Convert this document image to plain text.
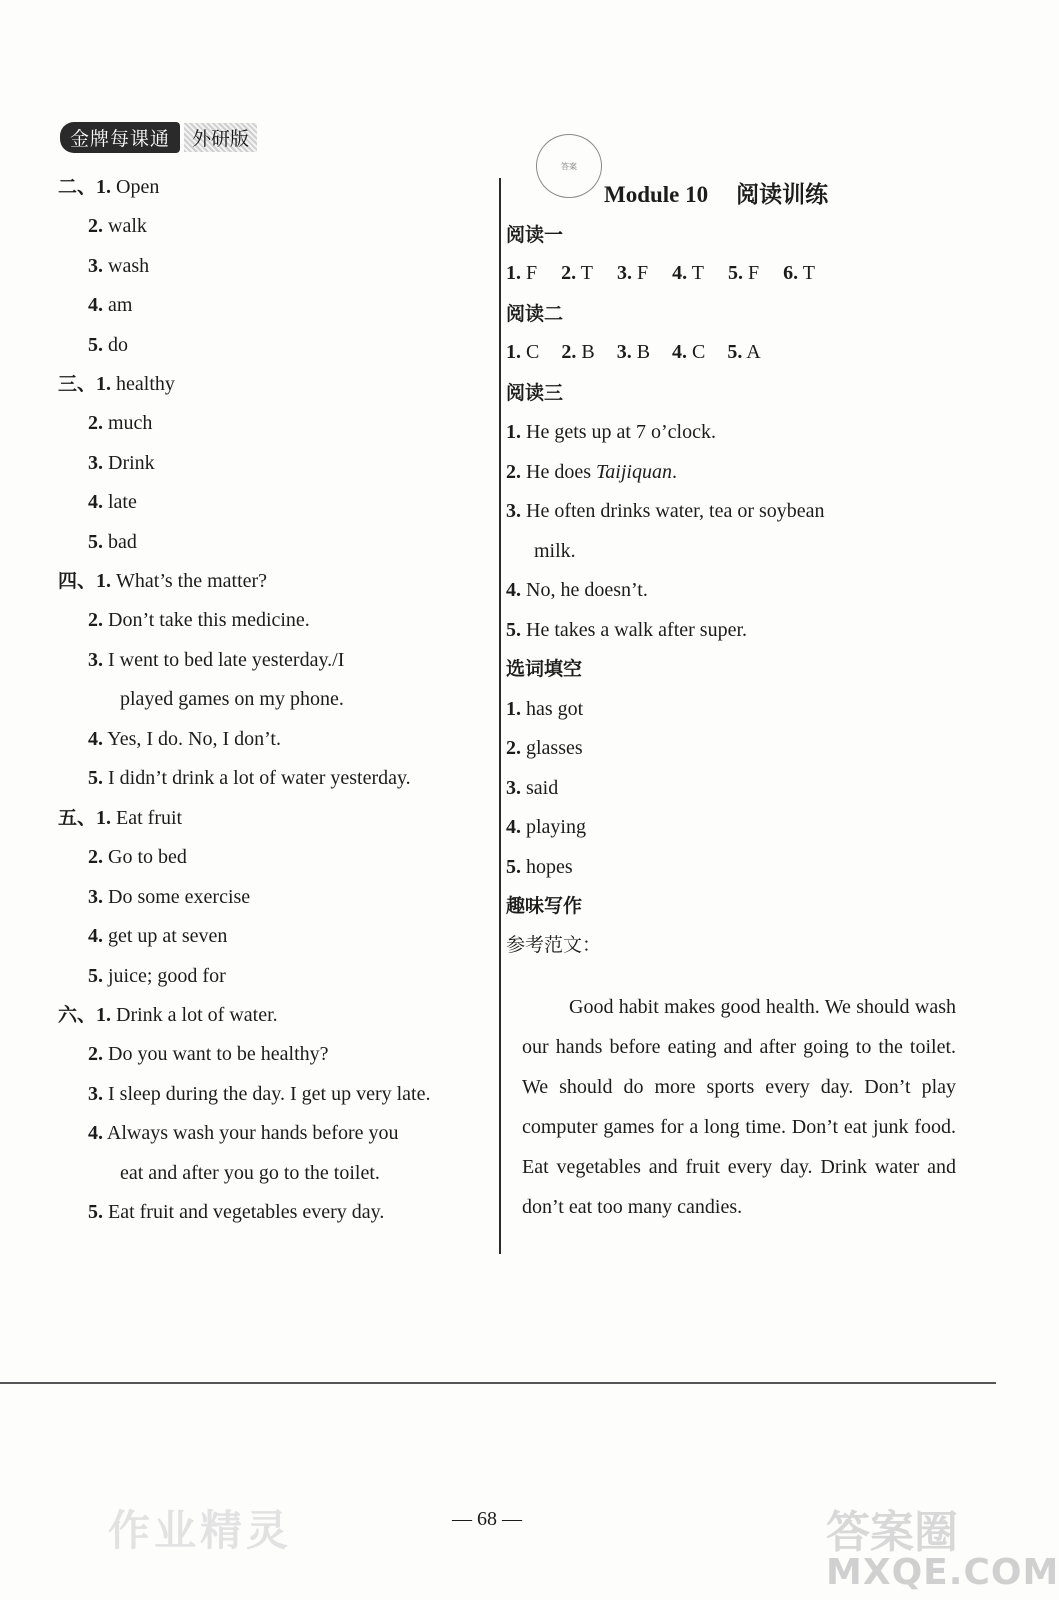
金牌每课通	外研版
二、1. Open
2. walk
3. wash
4. am
5. do
三、1. healthy
2. much
3. Drink
4. late
5. bad
四、1. What’s the matter?
2. Don’t take this medicine.
3. I went to bed late yesterday./I
played games on my phone.
4. Yes, I do. No, I don’t.
5. I didn’t drink a lot of water yesterday.
五、1. Eat fruit
2. Go to bed
3. Do some exercise
4. get up at seven
5. juice; good for
六、1. Drink a lot of water.
2. Do you want to be healthy?
3. I sleep during the day. I get up very late.
4. Always wash your hands before you
eat and after you go to the toilet.
5. Eat fruit and vegetables every day.
答案
Module 10 阅读训练
阅读一
1. F 2. T 3. F 4. T 5. F 6. T
阅读二
1. C 2. B 3. B 4. C 5. A
阅读三
1. He gets up at 7 o’clock.
2. He does Taijiquan.
3. He often drinks water, tea or soybean
milk.
4. No, he doesn’t.
5. He takes a walk after super.
选词填空
1. has got
2. glasses
3. said
4. playing
5. hopes
趣味写作
参考范文：
Good habit makes good health. We should wash our hands before eating and after going to the toilet. We should do more sports every day. Don’t play computer games for a long time. Don’t eat junk food. Eat vegetables and fruit every day. Drink water and don’t eat too many candies.
— 68 —
作业精灵	答案圈
MXQE.COM
